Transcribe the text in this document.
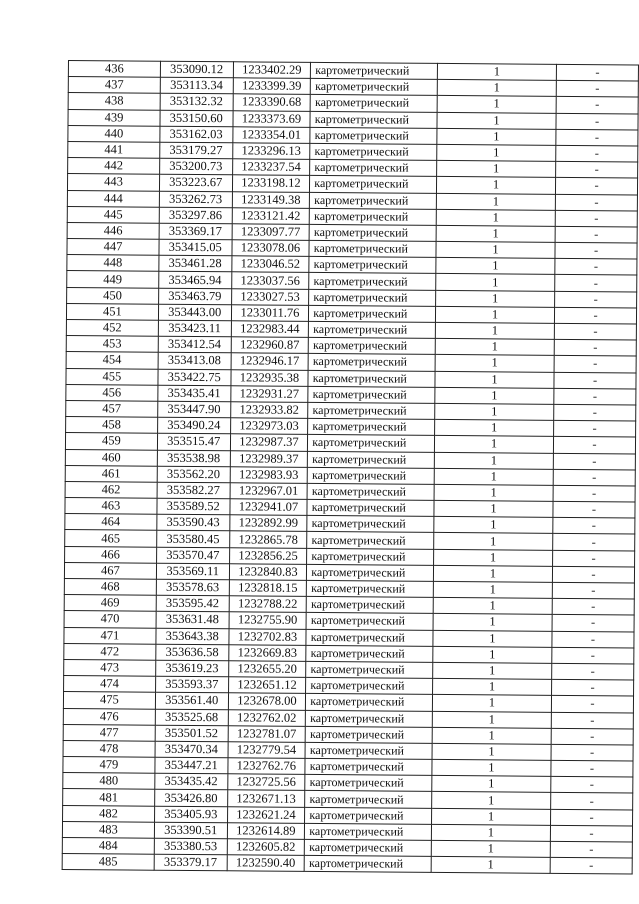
436	353090.12	1233402.29	картометрический	1	-
437	353113.34	1233399.39	картометрический	1	-
438	353132.32	1233390.68	картометрический	1	-
439	353150.60	1233373.69	картометрический	1	-
440	353162.03	1233354.01	картометрический	1	-
441	353179.27	1233296.13	картометрический	1	-
442	353200.73	1233237.54	картометрический	1	-
443	353223.67	1233198.12	картометрический	1	-
444	353262.73	1233149.38	картометрический	1	-
445	353297.86	1233121.42	картометрический	1	-
446	353369.17	1233097.77	картометрический	1	-
447	353415.05	1233078.06	картометрический	1	-
448	353461.28	1233046.52	картометрический	1	-
449	353465.94	1233037.56	картометрический	1	-
450	353463.79	1233027.53	картометрический	1	-
451	353443.00	1233011.76	картометрический	1	-
452	353423.11	1232983.44	картометрический	1	-
453	353412.54	1232960.87	картометрический	1	-
454	353413.08	1232946.17	картометрический	1	-
455	353422.75	1232935.38	картометрический	1	-
456	353435.41	1232931.27	картометрический	1	-
457	353447.90	1232933.82	картометрический	1	-
458	353490.24	1232973.03	картометрический	1	-
459	353515.47	1232987.37	картометрический	1	-
460	353538.98	1232989.37	картометрический	1	-
461	353562.20	1232983.93	картометрический	1	-
462	353582.27	1232967.01	картометрический	1	-
463	353589.52	1232941.07	картометрический	1	-
464	353590.43	1232892.99	картометрический	1	-
465	353580.45	1232865.78	картометрический	1	-
466	353570.47	1232856.25	картометрический	1	-
467	353569.11	1232840.83	картометрический	1	-
468	353578.63	1232818.15	картометрический	1	-
469	353595.42	1232788.22	картометрический	1	-
470	353631.48	1232755.90	картометрический	1	-
471	353643.38	1232702.83	картометрический	1	-
472	353636.58	1232669.83	картометрический	1	-
473	353619.23	1232655.20	картометрический	1	-
474	353593.37	1232651.12	картометрический	1	-
475	353561.40	1232678.00	картометрический	1	-
476	353525.68	1232762.02	картометрический	1	-
477	353501.52	1232781.07	картометрический	1	-
478	353470.34	1232779.54	картометрический	1	-
479	353447.21	1232762.76	картометрический	1	-
480	353435.42	1232725.56	картометрический	1	-
481	353426.80	1232671.13	картометрический	1	-
482	353405.93	1232621.24	картометрический	1	-
483	353390.51	1232614.89	картометрический	1	-
484	353380.53	1232605.82	картометрический	1	-
485	353379.17	1232590.40	картометрический	1	-
